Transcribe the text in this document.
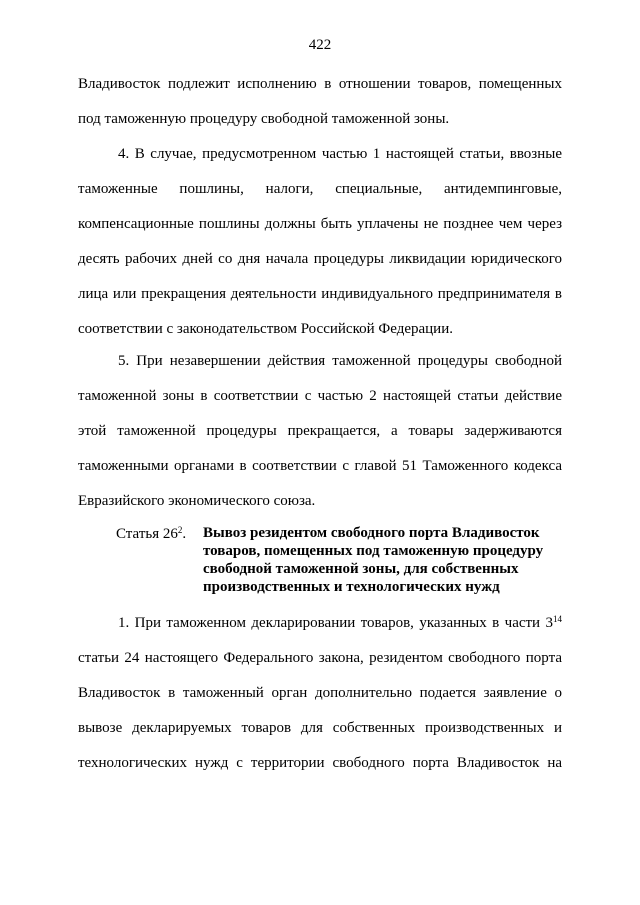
422
Владивосток подлежит исполнению в отношении товаров, помещенных
под таможенную процедуру свободной таможенной зоны.
4. В случае, предусмотренном частью 1 настоящей статьи, ввозные
таможенные пошлины, налоги, специальные, антидемпинговые,
компенсационные пошлины должны быть уплачены не позднее чем через
десять рабочих дней со дня начала процедуры ликвидации юридического
лица или прекращения деятельности индивидуального предпринимателя в
соответствии с законодательством Российской Федерации.
5. При незавершении действия таможенной процедуры свободной
таможенной зоны в соответствии с частью 2 настоящей статьи действие
этой таможенной процедуры прекращается, а товары задерживаются
таможенными органами в соответствии с главой 51 Таможенного кодекса
Евразийского экономического союза.
Статья $26^2$. Вывоз резидентом свободного порта Владивосток
товаров, помещенных под таможенную процедуру
свободной таможенной зоны, для собственных
производственных и технологических нужд
1. При таможенном декларировании товаров, указанных в части $3^{14}$
статьи 24 настоящего Федерального закона, резидентом свободного порта
Владивосток в таможенный орган дополнительно подается заявление о
вывозе декларируемых товаров для собственных производственных и
технологических нужд с территории свободного порта Владивосток на
